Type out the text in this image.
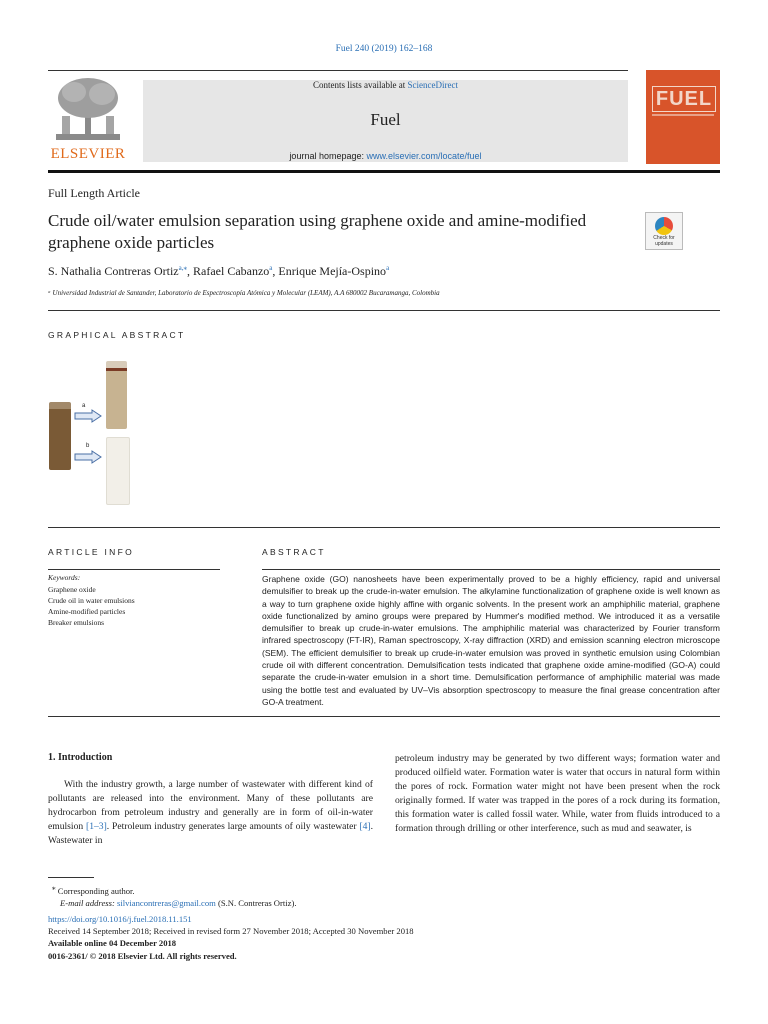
Fuel 240 (2019) 162–168
ELSEVIER
Contents lists available at ScienceDirect
Fuel
journal homepage: www.elsevier.com/locate/fuel
FUEL
Full Length Article
Crude oil/water emulsion separation using graphene oxide and amine-modified graphene oxide particles	Check for updates
S. Nathalia Contreras Ortiz$^{a,⁎}$, Rafael Cabanzo$^a$, Enrique Mejía-Ospino$^a$
ᵃ Universidad Industrial de Santander, Laboratorio de Espectroscopía Atómica y Molecular (LEAM), A.A 680002 Bucaramanga, Colombia
GRAPHICAL ABSTRACT
a
b
ARTICLE INFO	ABSTRACT
Keywords:
Graphene oxide
Crude oil in water emulsions
Amine-modified particles
Breaker emulsions
Graphene oxide (GO) nanosheets have been experimentally proved to be a highly efficiency, rapid and universal demulsifier to break up the crude-in-water emulsion. The alkylamine functionalization of graphene oxide is well known as a way to turn graphene oxide highly affine with organic solvents. In the present work an amphiphilic material, graphene oxide functionalized by amino groups were prepared by Hummer's modified method. We introduced it as a versatile demulsifier to break up crude-in-water emulsions. The amphiphilic material was characterized by Fourier transform infrared spectroscopy (FT-IR), Raman spectroscopy, X-ray diffraction (XRD) and emission scanning electron microscope (SEM). The efficient demulsifier to break up crude-in-water emulsion was proved in synthetic emulsion using Colombian crude oil with different concentration. Demulsification tests indicated that graphene oxide amine-modified (GO-A) could separate the crude-in-water emulsion in a short time. Demulsification performance of amphiphilic material was made using the bottle test and evaluated by UV–Vis absorption spectroscopy to measure the final grease concentration after GO-A treatment.
1. Introduction
With the industry growth, a large number of wastewater with different kind of pollutants are released into the environment. Many of these pollutants are hydrocarbon from petroleum industry and generally are in form of oil-in-water emulsion [1–3]. Petroleum industry generates large amounts of oily wastewater [4]. Wastewater in
petroleum industry may be generated by two different ways; formation water and produced oilfield water. Formation water is water that occurs in natural form within the pores of rock. Formation water might not have been present when the rock originally formed. If water was trapped in the pores of a rock during its formation, this formation water is called fossil water. While, water from fluids introduced to a formation through drilling or other interference, such as mud and seawater, is
⁎ Corresponding author.
E-mail address: silviancontreras@gmail.com (S.N. Contreras Ortiz).
https://doi.org/10.1016/j.fuel.2018.11.151
Received 14 September 2018; Received in revised form 27 November 2018; Accepted 30 November 2018
Available online 04 December 2018
0016-2361/ © 2018 Elsevier Ltd. All rights reserved.
